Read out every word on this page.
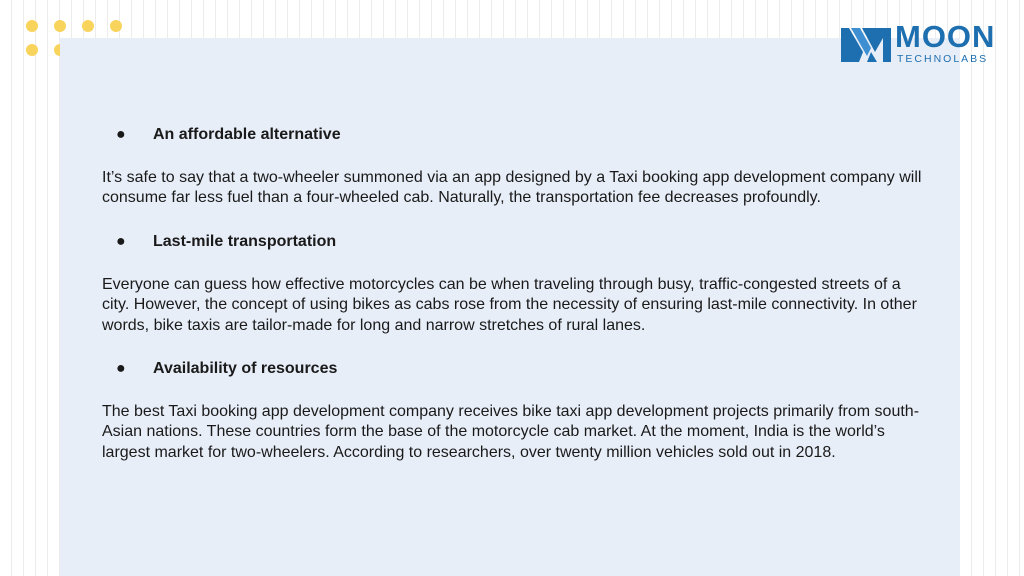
MOON
TECHNOLABS
● An affordable alternative

It’s safe to say that a two-wheeler summoned via an app designed by a Taxi booking app development company will consume far less fuel than a four-wheeled cab. Naturally, the transportation fee decreases profoundly.

● Last-mile transportation

Everyone can guess how effective motorcycles can be when traveling through busy, traffic-congested streets of a city. However, the concept of using bikes as cabs rose from the necessity of ensuring last-mile connectivity. In other words, bike taxis are tailor-made for long and narrow stretches of rural lanes.

● Availability of resources

The best Taxi booking app development company receives bike taxi app development projects primarily from south-Asian nations. These countries form the base of the motorcycle cab market. At the moment, India is the world’s largest market for two-wheelers. According to researchers, over twenty million vehicles sold out in 2018.
